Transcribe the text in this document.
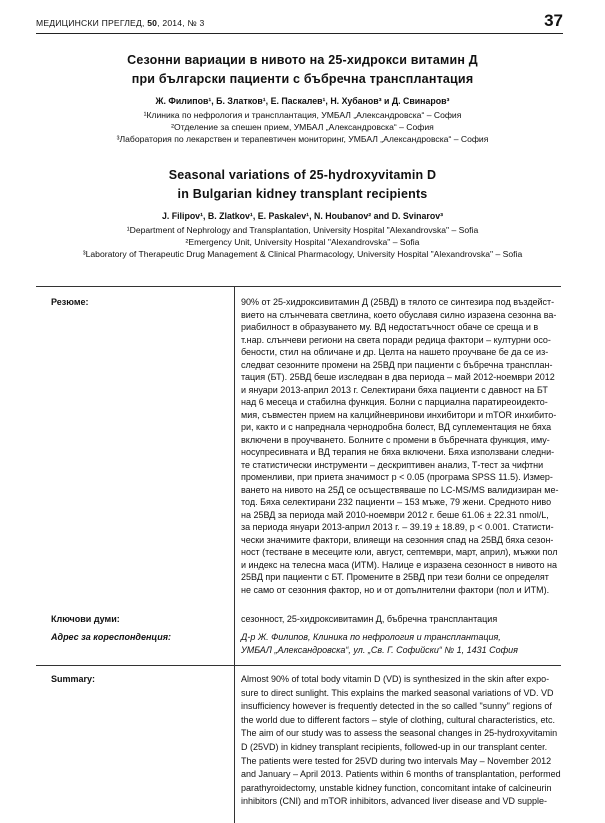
МЕДИЦИНСКИ ПРЕГЛЕД, 50, 2014, № 3	37
Сезонни вариации в нивото на 25-хидрокси витамин Д
при български пациенти с бъбречна трансплантация
Ж. Филипов¹, Б. Златков¹, Е. Паскалев¹, Н. Хубанов³ и Д. Свинаров³
¹Клиника по нефрология и трансплантация, УМБАЛ „Александровска“ – София
²Отделение за спешен прием, УМБАЛ „Александровска“ – София
³Лаборатория по лекарствен и терапевтичен мониторинг, УМБАЛ „Александровска“ – София
Seasonal variations of 25-hydroxyvitamin D
in Bulgarian kidney transplant recipients
J. Filipov¹, B. Zlatkov¹, E. Paskalev¹, N. Houbanov² and D. Svinarov³
¹Department of Nephrology and Transplantation, University Hospital "Alexandrovska" – Sofia
²Emergency Unit, University Hospital "Alexandrovska" – Sofia
³Laboratory of Therapeutic Drug Management & Clinical Pharmacology, University Hospital "Alexandrovska" – Sofia
Резюме:	90% от 25-хидроксивитамин Д (25ВД) в тялото се синтезира под въздейст-
вието на слънчевата светлина, което обуславя силно изразена сезонна ва-
риабилност в образуването му. ВД недостатъчност обаче се среща и в
т.нар. слънчеви региони на света поради редица фактори – културни осо-
бености, стил на обличане и др. Целта на нашето проучване бе да се из-
следват сезонните промени на 25ВД при пациенти с бъбречна трансплан-
тация (БТ). 25ВД беше изследван в два периода – май 2012-ноември 2012
и януари 2013-април 2013 г. Селектирани бяха пациенти с давност на БТ
над 6 месеца и стабилна функция. Болни с пaрциална паратиреоидекто-
мия, съвместен прием на калцийневринови инхибитори и mTOR инхибито-
ри, както и с напреднала чернодробна болест, ВД суплементация не бяха
включени в проучването. Болните с промени в бъбречната функция, иму-
носупресивната и ВД терапия не бяха включени. Бяха използвани следни-
те статистически инструменти – дескриптивен анализ, Т-тест за чифтни
променливи, при приета значимост p < 0.05 (програма SPSS 11.5). Измер-
ването на нивото на 25Д се осъществяваше по LC-MS/MS валидизиран ме-
тод. Бяха селектирани 232 пациенти – 153 мъже, 79 жени. Средното ниво
на 25ВД за периода май 2010-ноември 2012 г. беше 61.06 ± 22.31 nmol/L,
за периода януари 2013-април 2013 г. – 39.19 ± 18.89, p < 0.001. Статисти-
чески значимите фактори, влияещи на сезонния спад на 25ВД бяха сезон-
ност (тестване в месеците юли, август, септември, март, април), мъжки пол
и индекс на телесна маса (ИТМ). Налице е изразена сезонност в нивото на
25ВД при пациенти с БТ. Промените в 25ВД при тези болни се определят
не само от сезонния фактор, но и от допълнителни фактори (пол и ИТМ).
Ключови думи:	сезонност, 25-хидроксивитамин Д, бъбречна трансплантация
Адрес за кореспонденция:	Д-р Ж. Филипов, Клиника по нефрология и трансплантация,
УМБАЛ „Александровска“, ул. „Св. Г. Софийски“ № 1, 1431 София
Summary:	Almost 90% of total body vitamin D (VD) is synthesized in the skin after expo-
sure to direct sunlight. This explains the marked seasonal variations of VD. VD
insufficiency however is frequently detected in the so called "sunny" regions of
the world due to different factors – style of clothing, cultural characteristics, etc.
The aim of our study was to assess the seasonal changes in 25-hydroxyvitamin
D (25VD) in kidney transplant recipients, followed-up in our transplant center.
The patients were tested for 25VD during two intervals May – November 2012
and January – April 2013. Patients within 6 months of transplantation, performed
parathyroidectomy, unstable kidney function, concomitant intake of calcineurin
inhibitors (CNI) and mTOR inhibitors, advanced liver disease and VD supple-
